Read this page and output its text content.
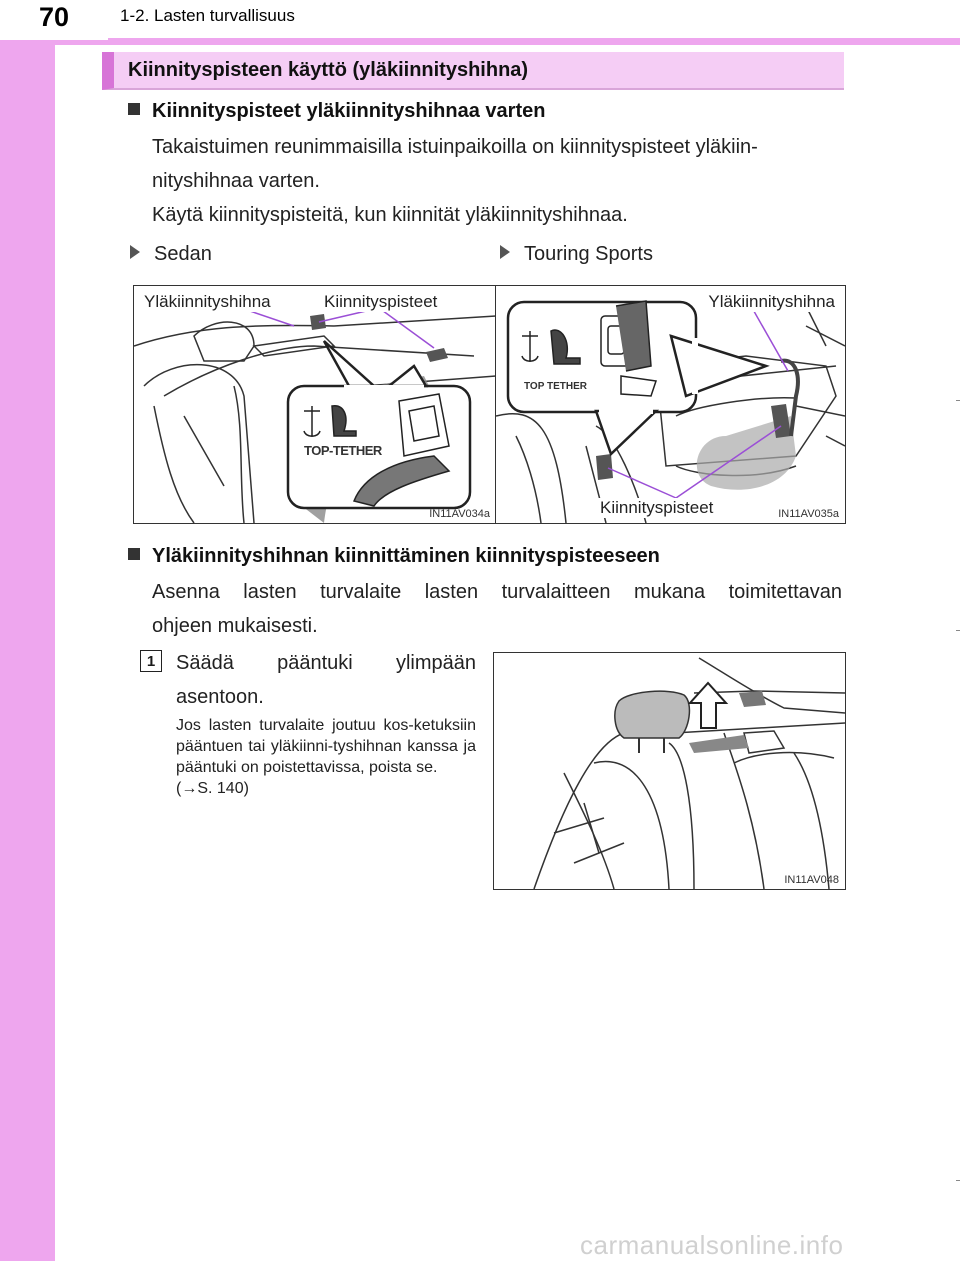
70	1-2. Lasten turvallisuus
Kiinnityspisteen käyttö (yläkiinnityshihna)
Kiinnityspisteet yläkiinnityshihnaa varten
Takaistuimen reunimmaisilla istuinpaikoilla on kiinnityspisteet yläkiin-
nityshihnaa varten.
Käytä kiinnityspisteitä, kun kiinnität yläkiinnityshihnaa.
Sedan	Touring Sports
Yläkiinnityshihna	Kiinnityspisteet
TOP-TETHER
IN11AV034a
Yläkiinnityshihna
Kiinnityspisteet
TOP TETHER
IN11AV035a
Yläkiinnityshihnan kiinnittäminen kiinnityspisteeseen
Asenna lasten turvalaite lasten turvalaitteen mukana toimitettavan
ohjeen mukaisesti.
1	Säädä pääntuki ylimpään asentoon.
Jos lasten turvalaite joutuu kos-ketuksiin pääntuen tai yläkiinni-tyshihnan kanssa ja pääntuki on poistettavissa, poista se.
(→S. 140)
IN11AV048
carmanualsonline.info
